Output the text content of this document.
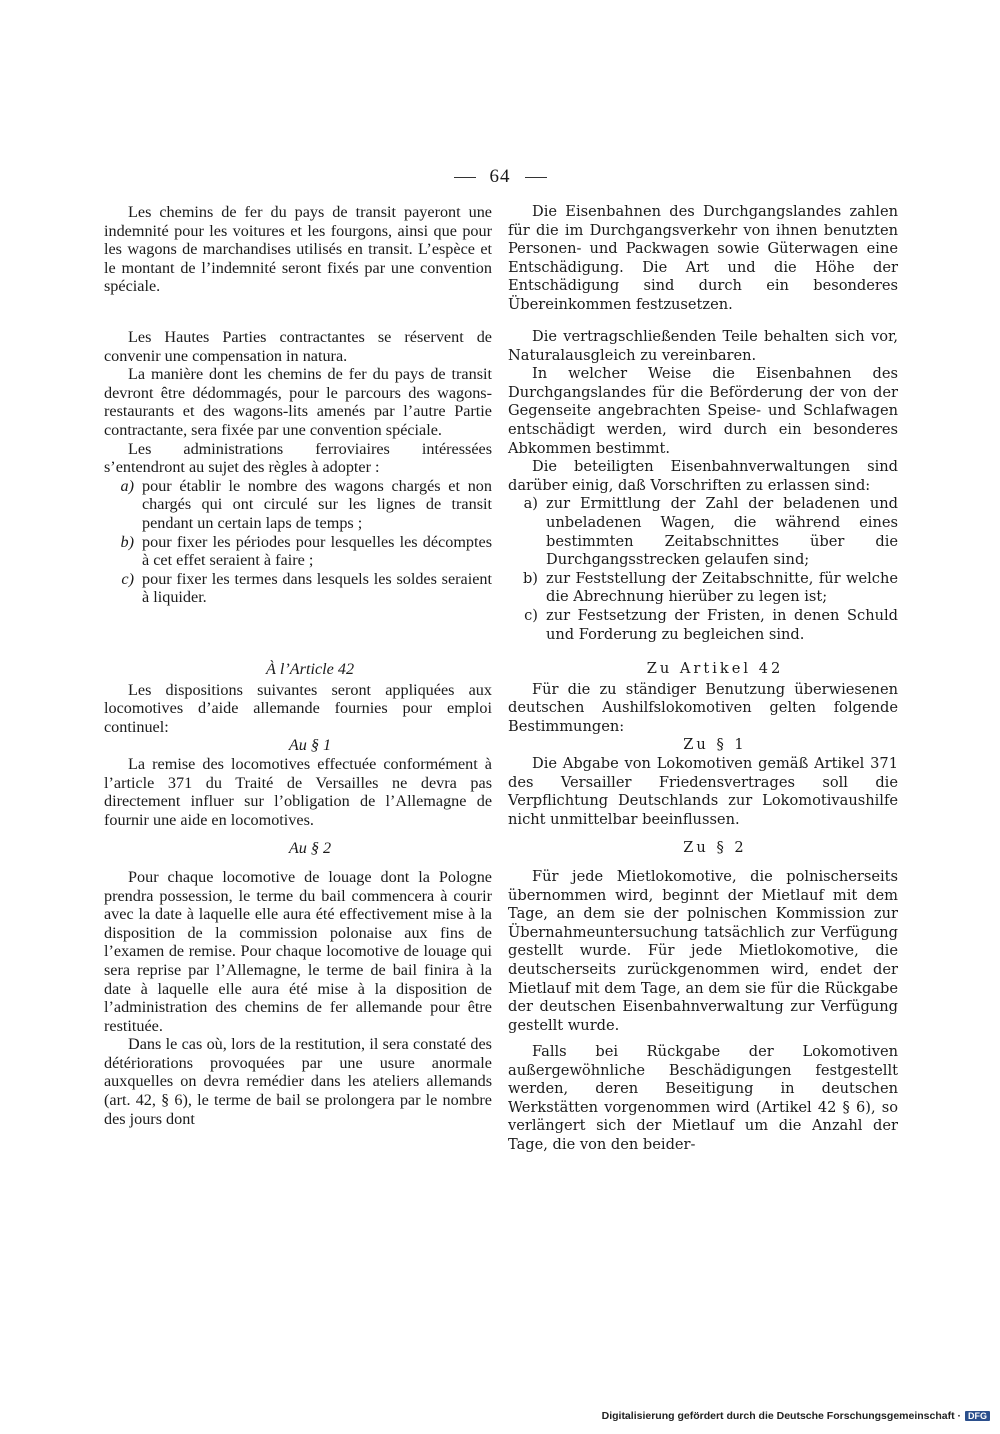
64

Les chemins de fer du pays de transit payeront une indemnité pour les voitures et les fourgons, ainsi que pour les wagons de marchandises utilisés en transit. L’espèce et le montant de l’indemnité seront fixés par une convention spéciale.

Les Hautes Parties contractantes se réservent de convenir une compensation in natura.

La manière dont les chemins de fer du pays de transit devront être dédommagés, pour le parcours des wagons-restaurants et des wagons-lits amenés par l’autre Partie contractante, sera fixée par une convention spéciale.

Les administrations ferroviaires intéressées s’entendront au sujet des règles à adopter :

a) pour établir le nombre des wagons chargés et non chargés qui ont circulé sur les lignes de transit pendant un certain laps de temps ;
b) pour fixer les périodes pour lesquelles les décomptes à cet effet seraient à faire ;
c) pour fixer les termes dans lesquels les soldes seraient à liquider.

À l’Article 42

Les dispositions suivantes seront appliquées aux locomotives d’aide allemande fournies pour emploi continuel:

Au § 1

La remise des locomotives effectuée conformément à l’article 371 du Traité de Versailles ne devra pas directement influer sur l’obligation de l’Allemagne de fournir une aide en locomotives.

Au § 2

Pour chaque locomotive de louage dont la Pologne prendra possession, le terme du bail commencera à courir avec la date à laquelle elle aura été effectivement mise à la disposition de la commission polonaise aux fins de l’examen de remise. Pour chaque locomotive de louage qui sera reprise par l’Allemagne, le terme de bail finira à la date à laquelle elle aura été mise à la disposition de l’administration des chemins de fer allemande pour être restituée.

Dans le cas où, lors de la restitution, il sera constaté des détériorations provoquées par une usure anormale auxquelles on devra remédier dans les ateliers allemands (art. 42, § 6), le terme de bail se prolongera par le nombre des jours dont

Die Eisenbahnen des Durchgangslandes zahlen für die im Durchgangsverkehr von ihnen benutzten Personen- und Packwagen sowie Güterwagen eine Entschädigung. Die Art und die Höhe der Entschädigung sind durch ein besonderes Übereinkommen festzusetzen.

Die vertragschließenden Teile behalten sich vor, Naturalausgleich zu vereinbaren.

In welcher Weise die Eisenbahnen des Durchgangslandes für die Beförderung der von der Gegenseite angebrachten Speise- und Schlafwagen entschädigt werden, wird durch ein besonderes Abkommen bestimmt.

Die beteiligten Eisenbahnverwaltungen sind darüber einig, daß Vorschriften zu erlassen sind:

a) zur Ermittlung der Zahl der beladenen und unbeladenen Wagen, die während eines bestimmten Zeitabschnittes über die Durchgangsstrecken gelaufen sind;
b) zur Feststellung der Zeitabschnitte, für welche die Abrechnung hierüber zu legen ist;
c) zur Festsetzung der Fristen, in denen Schuld und Forderung zu begleichen sind.

Zu Artikel 42

Für die zu ständiger Benutzung überwiesenen deutschen Aushilfslokomotiven gelten folgende Bestimmungen:

Zu § 1

Die Abgabe von Lokomotiven gemäß Artikel 371 des Versailler Friedensvertrages soll die Verpflichtung Deutschlands zur Lokomotivaushilfe nicht unmittelbar beeinflussen.

Zu § 2

Für jede Mietlokomotive, die polnischerseits übernommen wird, beginnt der Mietlauf mit dem Tage, an dem sie der polnischen Kommission zur Übernahmeuntersuchung tatsächlich zur Verfügung gestellt wurde. Für jede Mietlokomotive, die deutscherseits zurückgenommen wird, endet der Mietlauf mit dem Tage, an dem sie für die Rückgabe der deutschen Eisenbahnverwaltung zur Verfügung gestellt wurde.

Falls bei Rückgabe der Lokomotiven außergewöhnliche Beschädigungen festgestellt werden, deren Beseitigung in deutschen Werkstätten vorgenommen wird (Artikel 42 § 6), so verlängert sich der Mietlauf um die Anzahl der Tage, die von den beider-

Digitalisierung gefördert durch die Deutsche Forschungsgemeinschaft · DFG
